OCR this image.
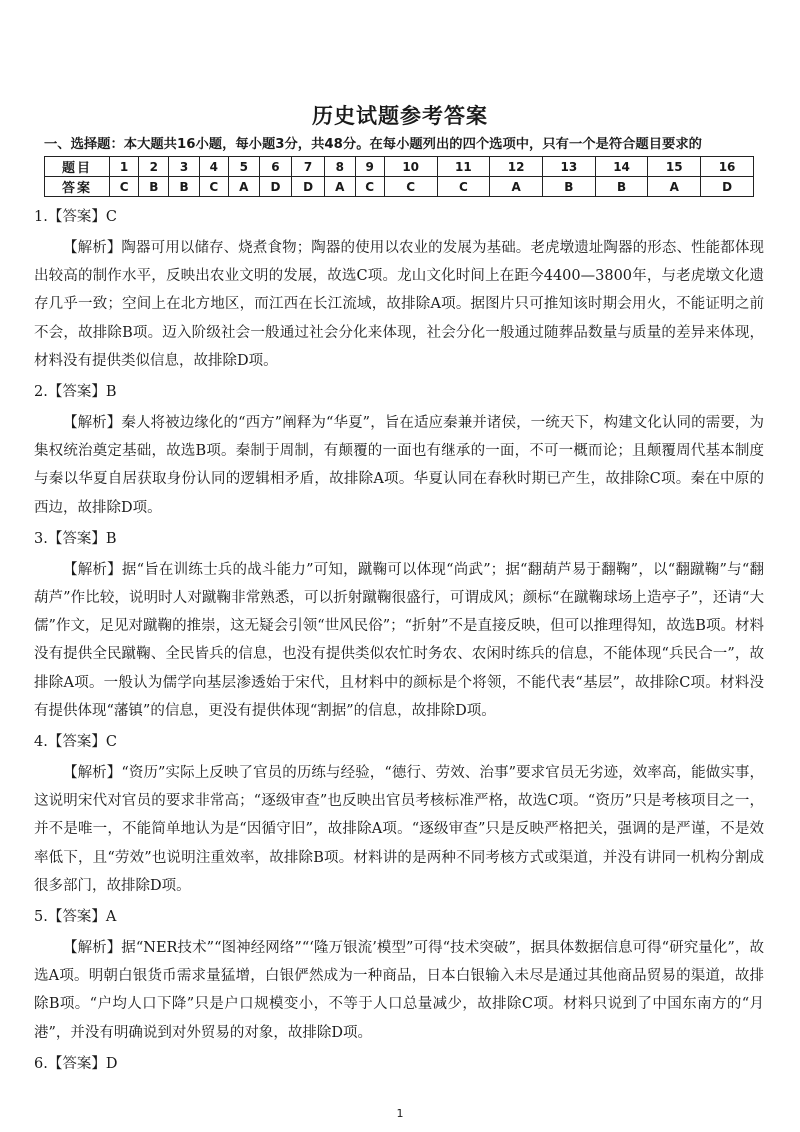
历史试题参考答案
一、选择题：本大题共16小题，每小题3分，共48分。在每小题列出的四个选项中，只有一个是符合题目要求的
题目	1	2	3	4	5	6	7	8	9	10	11	12	13	14	15	16
答案	C	B	B	C	A	D	D	A	C	C	C	A	B	B	A	D
1.【答案】C

【解析】陶器可用以储存、烧煮食物；陶器的使用以农业的发展为基础。老虎墩遗址陶器的形态、性能都体现出较高的制作水平，反映出农业文明的发展，故选C项。龙山文化时间上在距今4400—3800年，与老虎墩文化遗存几乎一致；空间上在北方地区，而江西在长江流域，故排除A项。据图片只可推知该时期会用火，不能证明之前不会，故排除B项。迈入阶级社会一般通过社会分化来体现，社会分化一般通过随葬品数量与质量的差异来体现，材料没有提供类似信息，故排除D项。

2.【答案】B

【解析】秦人将被边缘化的“西方”阐释为“华夏”，旨在适应秦兼并诸侯，一统天下，构建文化认同的需要，为集权统治奠定基础，故选B项。秦制于周制，有颠覆的一面也有继承的一面，不可一概而论；且颠覆周代基本制度与秦以华夏自居获取身份认同的逻辑相矛盾，故排除A项。华夏认同在春秋时期已产生，故排除C项。秦在中原的西边，故排除D项。

3.【答案】B

【解析】据“旨在训练士兵的战斗能力”可知，蹴鞠可以体现“尚武”；据“翻葫芦易于翻鞠”，以“翻蹴鞠”与“翻葫芦”作比较，说明时人对蹴鞠非常熟悉，可以折射蹴鞠很盛行，可谓成风；颜标“在蹴鞠球场上造亭子”，还请“大儒”作文，足见对蹴鞠的推崇，这无疑会引领“世风民俗”；“折射”不是直接反映，但可以推理得知，故选B项。材料没有提供全民蹴鞠、全民皆兵的信息，也没有提供类似农忙时务农、农闲时练兵的信息，不能体现“兵民合一”，故排除A项。一般认为儒学向基层渗透始于宋代，且材料中的颜标是个将领，不能代表“基层”，故排除C项。材料没有提供体现“藩镇”的信息，更没有提供体现“割据”的信息，故排除D项。

4.【答案】C

【解析】“资历”实际上反映了官员的历练与经验，“德行、劳效、治事”要求官员无劣迹，效率高，能做实事，这说明宋代对官员的要求非常高；“逐级审查”也反映出官员考核标准严格，故选C项。“资历”只是考核项目之一，并不是唯一，不能简单地认为是“因循守旧”，故排除A项。“逐级审查”只是反映严格把关，强调的是严谨，不是效率低下，且“劳效”也说明注重效率，故排除B项。材料讲的是两种不同考核方式或渠道，并没有讲同一机构分割成很多部门，故排除D项。

5.【答案】A

【解析】据“NER技术”“图神经网络”“‘隆万银流’模型”可得“技术突破”，据具体数据信息可得“研究量化”，故选A项。明朝白银货币需求量猛增，白银俨然成为一种商品，日本白银输入未尽是通过其他商品贸易的渠道，故排除B项。“户均人口下降”只是户口规模变小，不等于人口总量减少，故排除C项。材料只说到了中国东南方的“月港”，并没有明确说到对外贸易的对象，故排除D项。

6.【答案】D
1
